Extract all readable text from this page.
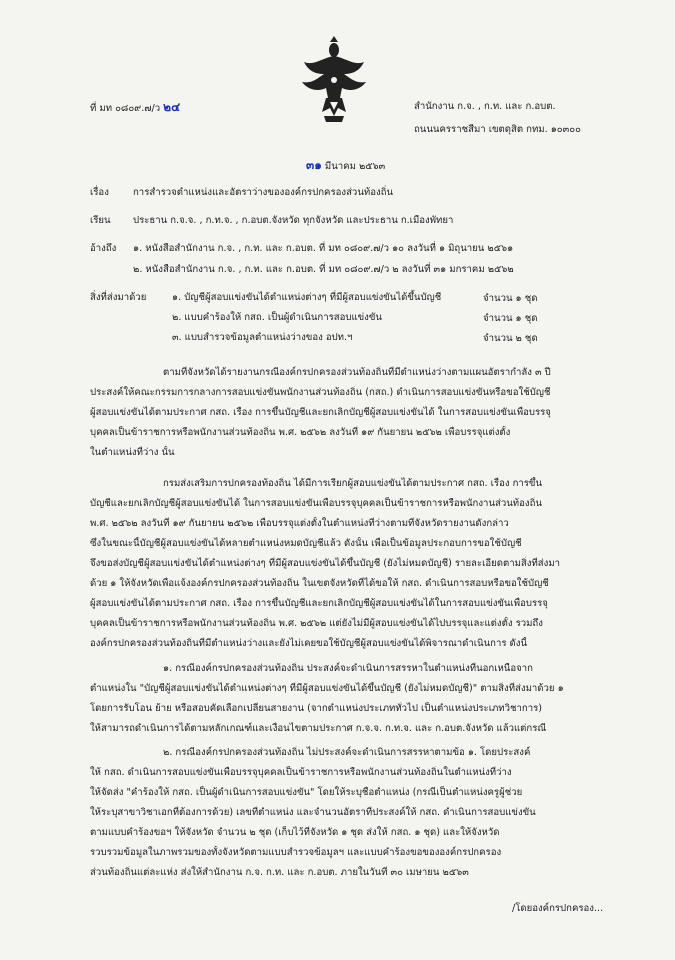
ที่ มท ๐๘๐๙.๗/ว ๒๔	สำนักงาน ก.จ. , ก.ท. และ ก.อบต.
ถนนนครราชสีมา เขตดุสิต กทม. ๑๐๓๐๐
๓๑ มีนาคม ๒๕๖๓
เรื่อง	การสำรวจตำแหน่งและอัตราว่างขององค์กรปกครองส่วนท้องถิ่น
เรียน ประธาน ก.จ.จ. , ก.ท.จ. , ก.อบต.จังหวัด ทุกจังหวัด และประธาน ก.เมืองพัทยา
อ้างถึง ๑. หนังสือสำนักงาน ก.จ. , ก.ท. และ ก.อบต. ที่ มท ๐๘๐๙.๗/ว ๑๐ ลงวันที่ ๑ มิถุนายน ๒๕๖๑
๒. หนังสือสำนักงาน ก.จ. , ก.ท. และ ก.อบต. ที่ มท ๐๘๐๙.๗/ว ๒ ลงวันที่ ๓๑ มกราคม ๒๕๖๒
สิ่งที่ส่งมาด้วย	๑. บัญชีผู้สอบแข่งขันได้ตำแหน่งต่างๆ ที่มีผู้สอบแข่งขันได้ขึ้นบัญชี	จำนวน ๑ ชุด
๒. แบบคำร้องให้ กสถ. เป็นผู้ดำเนินการสอบแข่งขัน	จำนวน ๑ ชุด
๓. แบบสำรวจข้อมูลตำแหน่งว่างของ อปท.ฯ	จำนวน ๒ ชุด
ตามที่จังหวัดได้รายงานกรณีองค์กรปกครองส่วนท้องถิ่นที่มีตำแหน่งว่างตามแผนอัตรากำลัง ๓ ปี
ประสงค์ให้คณะกรรมการกลางการสอบแข่งขันพนักงานส่วนท้องถิ่น (กสถ.) ดำเนินการสอบแข่งขันหรือขอใช้บัญชี
ผู้สอบแข่งขันได้ตามประกาศ กสถ. เรื่อง การขึ้นบัญชีและยกเลิกบัญชีผู้สอบแข่งขันได้ ในการสอบแข่งขันเพื่อบรรจุ
บุคคลเป็นข้าราชการหรือพนักงานส่วนท้องถิ่น พ.ศ. ๒๕๖๒ ลงวันที่ ๑๙ กันยายน ๒๕๖๒ เพื่อบรรจุแต่งตั้ง
ในตำแหน่งที่ว่าง นั้น
กรมส่งเสริมการปกครองท้องถิ่น ได้มีการเรียกผู้สอบแข่งขันได้ตามประกาศ กสถ. เรื่อง การขึ้น
บัญชีและยกเลิกบัญชีผู้สอบแข่งขันได้ ในการสอบแข่งขันเพื่อบรรจุบุคคลเป็นข้าราชการหรือพนักงานส่วนท้องถิ่น
พ.ศ. ๒๕๖๒ ลงวันที่ ๑๙ กันยายน ๒๕๖๒ เพื่อบรรจุแต่งตั้งในตำแหน่งที่ว่างตามที่จังหวัดรายงานดังกล่าว
ซึ่งในขณะนี้บัญชีผู้สอบแข่งขันได้หลายตำแหน่งหมดบัญชีแล้ว ดังนั้น เพื่อเป็นข้อมูลประกอบการขอใช้บัญชี
จึงขอส่งบัญชีผู้สอบแข่งขันได้ตำแหน่งต่างๆ ที่มีผู้สอบแข่งขันได้ขึ้นบัญชี (ยังไม่หมดบัญชี) รายละเอียดตามสิ่งที่ส่งมา
ด้วย ๑ ให้จังหวัดเพื่อแจ้งองค์กรปกครองส่วนท้องถิ่น ในเขตจังหวัดที่ได้ขอให้ กสถ. ดำเนินการสอบหรือขอใช้บัญชี
ผู้สอบแข่งขันได้ตามประกาศ กสถ. เรื่อง การขึ้นบัญชีและยกเลิกบัญชีผู้สอบแข่งขันได้ในการสอบแข่งขันเพื่อบรรจุ
บุคคลเป็นข้าราชการหรือพนักงานส่วนท้องถิ่น พ.ศ. ๒๕๖๒ แต่ยังไม่มีผู้สอบแข่งขันได้ไปบรรจุและแต่งตั้ง รวมถึง
องค์กรปกครองส่วนท้องถิ่นที่มีตำแหน่งว่างและยังไม่เคยขอใช้บัญชีผู้สอบแข่งขันได้พิจารณาดำเนินการ ดังนี้
๑. กรณีองค์กรปกครองส่วนท้องถิ่น ประสงค์จะดำเนินการสรรหาในตำแหน่งที่นอกเหนือจาก
ตำแหน่งใน "บัญชีผู้สอบแข่งขันได้ตำแหน่งต่างๆ ที่มีผู้สอบแข่งขันได้ขึ้นบัญชี (ยังไม่หมดบัญชี)" ตามสิ่งที่ส่งมาด้วย ๑
โดยการรับโอน ย้าย หรือสอบคัดเลือกเปลี่ยนสายงาน (จากตำแหน่งประเภททั่วไป เป็นตำแหน่งประเภทวิชาการ)
ให้สามารถดำเนินการได้ตามหลักเกณฑ์และเงื่อนไขตามประกาศ ก.จ.จ. ก.ท.จ. และ ก.อบต.จังหวัด แล้วแต่กรณี
๒. กรณีองค์กรปกครองส่วนท้องถิ่น ไม่ประสงค์จะดำเนินการสรรหาตามข้อ ๑. โดยประสงค์
ให้ กสถ. ดำเนินการสอบแข่งขันเพื่อบรรจุบุคคลเป็นข้าราชการหรือพนักงานส่วนท้องถิ่นในตำแหน่งที่ว่าง
ให้จัดส่ง "คำร้องให้ กสถ. เป็นผู้ดำเนินการสอบแข่งขัน" โดยให้ระบุชื่อตำแหน่ง (กรณีเป็นตำแหน่งครูผู้ช่วย
ให้ระบุสาขาวิชาเอกที่ต้องการด้วย) เลขที่ตำแหน่ง และจำนวนอัตราที่ประสงค์ให้ กสถ. ดำเนินการสอบแข่งขัน
ตามแบบคำร้องขอฯ ให้จังหวัด จำนวน ๒ ชุด (เก็บไว้ที่จังหวัด ๑ ชุด ส่งให้ กสถ. ๑ ชุด) และให้จังหวัด
รวบรวมข้อมูลในภาพรวมของทั้งจังหวัดตามแบบสำรวจข้อมูลฯ และแบบคำร้องขอขององค์กรปกครอง
ส่วนท้องถิ่นแต่ละแห่ง ส่งให้สำนักงาน ก.จ. ก.ท. และ ก.อบต. ภายในวันที่ ๓๐ เมษายน ๒๕๖๓
/โดยองค์กรปกครอง...
